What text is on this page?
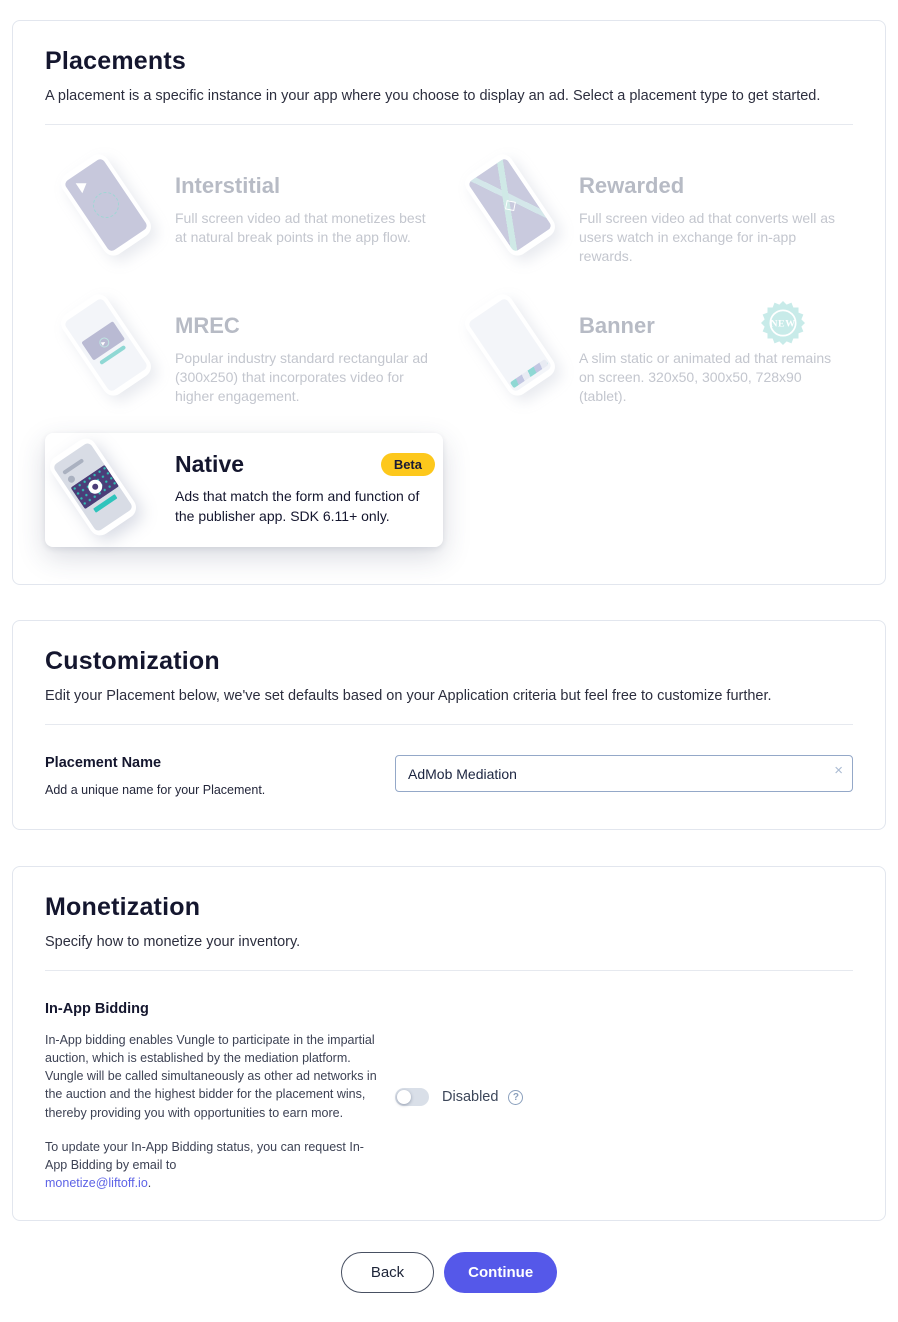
Placements

A placement is a specific instance in your app where you choose to display an ad. Select a placement type to get started.

Interstitial
Full screen video ad that monetizes best at natural break points in the app flow.
◇
Rewarded
Full screen video ad that converts well as users watch in exchange for in-app rewards.
MREC
Popular industry standard rectangular ad (300x250) that incorporates video for higher engagement.
Banner
A slim static or animated ad that remains on screen. 320x50, 300x50, 728x90 (tablet).
NEW
Native	Beta
Ads that match the form and function of the publisher app. SDK 6.11+ only.
Customization

Edit your Placement below, we've set defaults based on your Application criteria but feel free to customize further.

Placement Name
Add a unique name for your Placement.
AdMob Mediation
×
Monetization

Specify how to monetize your inventory.

In-App Bidding

In-App bidding enables Vungle to participate in the impartial auction, which is established by the mediation platform. Vungle will be called simultaneously as other ad networks in the auction and the highest bidder for the placement wins, thereby providing you with opportunities to earn more.

To update your In-App Bidding status, you can request In-App Bidding by email to
monetize@liftoff.io.

Disabled	?
Back	Continue
